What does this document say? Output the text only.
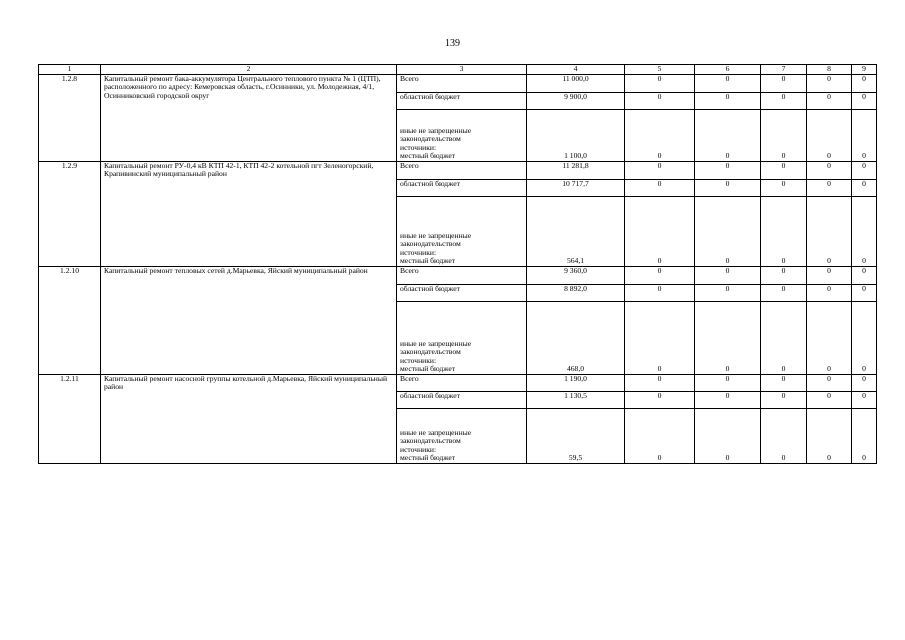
139
1	2	3	4	5	6	7	8	9
1.2.8	Капитальный ремонт бака-аккумулятора Центрального теплового пункта № 1 (ЦТП), расположенного по адресу: Кемеровская область, г.Осинники, ул. Молодежная, 4/1, Осинниковский городской округ	Всего	11 000,0	0	0	0	0	0
		областной бюджет	9 900,0	0	0	0	0	0

		иные не запрещенные
законодательством
источники:
местный бюджет	1 100,0	0	0	0	0	0
1.2.9	Капитальный ремонт РУ-0,4 кВ КТП 42-1, КТП 42-2 котельной пгт Зеленогорский, Крапивинский муниципальный район	Всего	11 281,8	0	0	0	0	0
		областной бюджет	10 717,7	0	0	0	0	0

		иные не запрещенные
законодательством
источники:
местный бюджет	564,1	0	0	0	0	0
1.2.10	Капитальный ремонт тепловых сетей д.Марьевка, Яйский муниципальный район	Всего	9 360,0	0	0	0	0	0
		областной бюджет	8 892,0	0	0	0	0	0

		иные не запрещенные
законодательством
источники:
местный бюджет	468,0	0	0	0	0	0
1.2.11	Капитальный ремонт насосной группы котельной д.Марьевка, Яйский муниципальный район	Всего	1 190,0	0	0	0	0	0
		областной бюджет	1 130,5	0	0	0	0	0

		иные не запрещенные
законодательством
источники:
местный бюджет	59,5	0	0	0	0	0
